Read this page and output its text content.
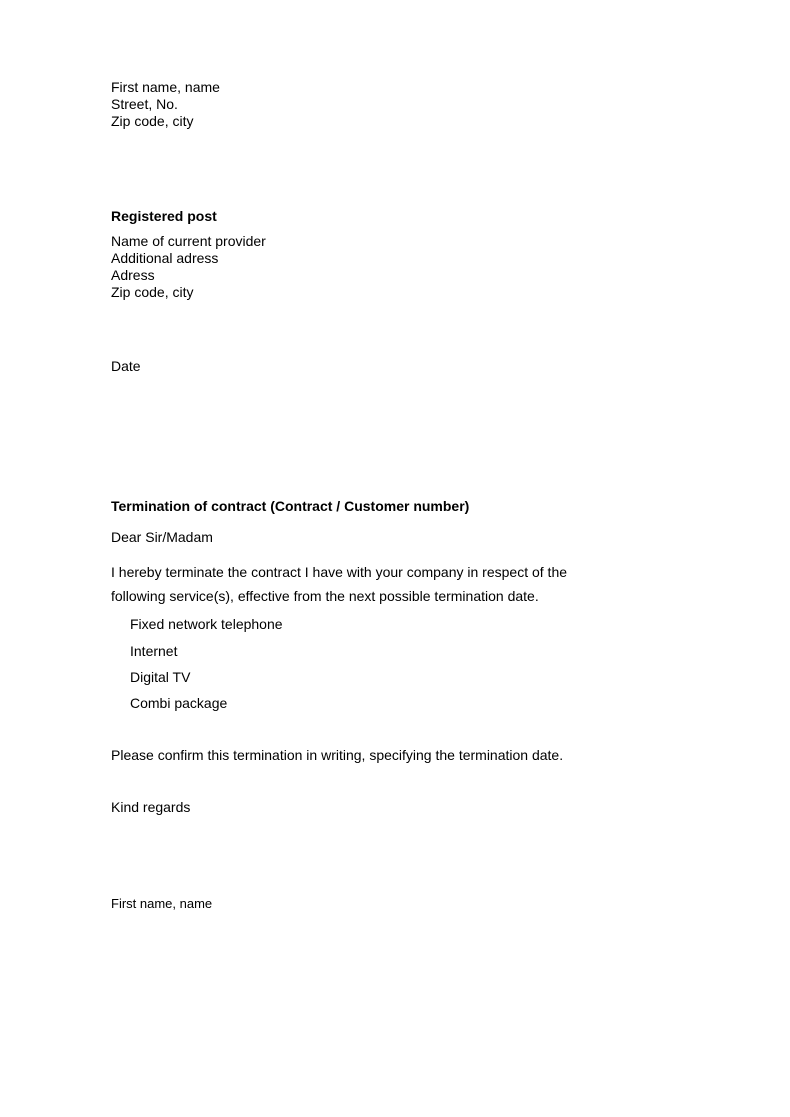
First name, name
Street, No.
Zip code, city
Registered post
Name of current provider
Additional adress
Adress
Zip code, city
Date
Termination of contract (Contract / Customer number)
Dear Sir/Madam
I hereby terminate the contract I have with your company in respect of the
following service(s), effective from the next possible termination date.
Fixed network telephone
Internet
Digital TV
Combi package
Please confirm this termination in writing, specifying the termination date.
Kind regards
First name, name
